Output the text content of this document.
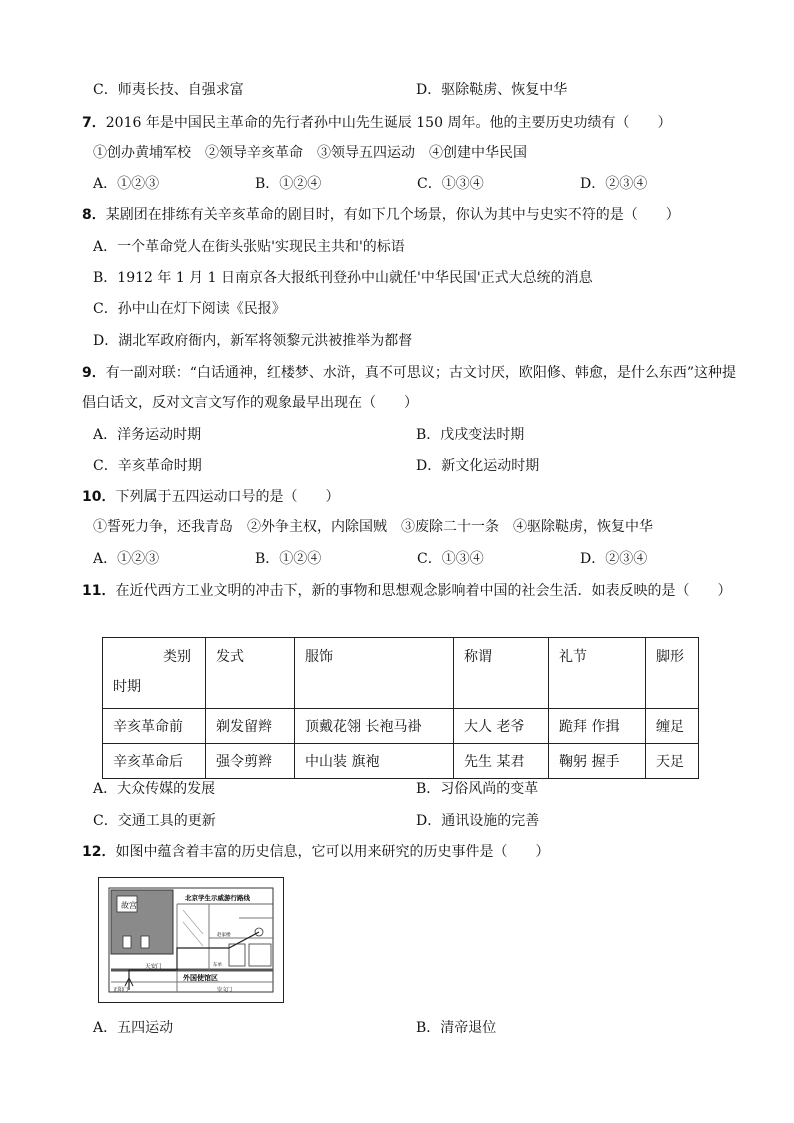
C．师夷长技、自强求富	D．驱除鞑虏、恢复中华
7．2016 年是中国民主革命的先行者孙中山先生诞辰 150 周年。他的主要历史功绩有（　　）
①创办黄埔军校　②领导辛亥革命　③领导五四运动　④创建中华民国
A．①②③	B．①②④	C．①③④	D．②③④
8．某剧团在排练有关辛亥革命的剧目时，有如下几个场景，你认为其中与史实不符的是（　　）
A．一个革命党人在街头张贴'实现民主共和'的标语
B．1912 年 1 月 1 日南京各大报纸刊登孙中山就任'中华民国'正式大总统的消息
C．孙中山在灯下阅读《民报》
D．湖北军政府衙内，新军将领黎元洪被推举为都督
9．有一副对联：“白话通神，红楼梦、水浒，真不可思议；古文讨厌，欧阳修、韩愈，是什么东西”这种提倡白话文，反对文言文写作的观象最早出现在（　　）
A．洋务运动时期	B．戊戌变法时期
C．辛亥革命时期	D．新文化运动时期
10．下列属于五四运动口号的是（　　）
①誓死力争，还我青岛　②外争主权，内除国贼　③废除二十一条　④驱除鞑虏，恢复中华
A．①②③	B．①②④	C．①③④	D．②③④
11．在近代西方工业文明的冲击下，新的事物和思想观念影响着中国的社会生活．如表反映的是（　　）
类别
时期	发式	服饰	称谓	礼节	脚形
辛亥革命前	剃发留辫	顶戴花翎 长袍马褂	大人 老爷	跪拜 作揖	缠足
辛亥革命后	强令剪辫	中山装 旗袍	先生 某君	鞠躬 握手	天足
A．大众传媒的发展	B．习俗风尚的变革
C．交通工具的更新	D．通讯设施的完善
12．如图中蕴含着丰富的历史信息，它可以用来研究的历史事件是（　　）
故宫
北京学生示威游行路线
赵家楼
天安门
外国使馆区
正阳门
东单
崇文门
A．五四运动	B．清帝退位
